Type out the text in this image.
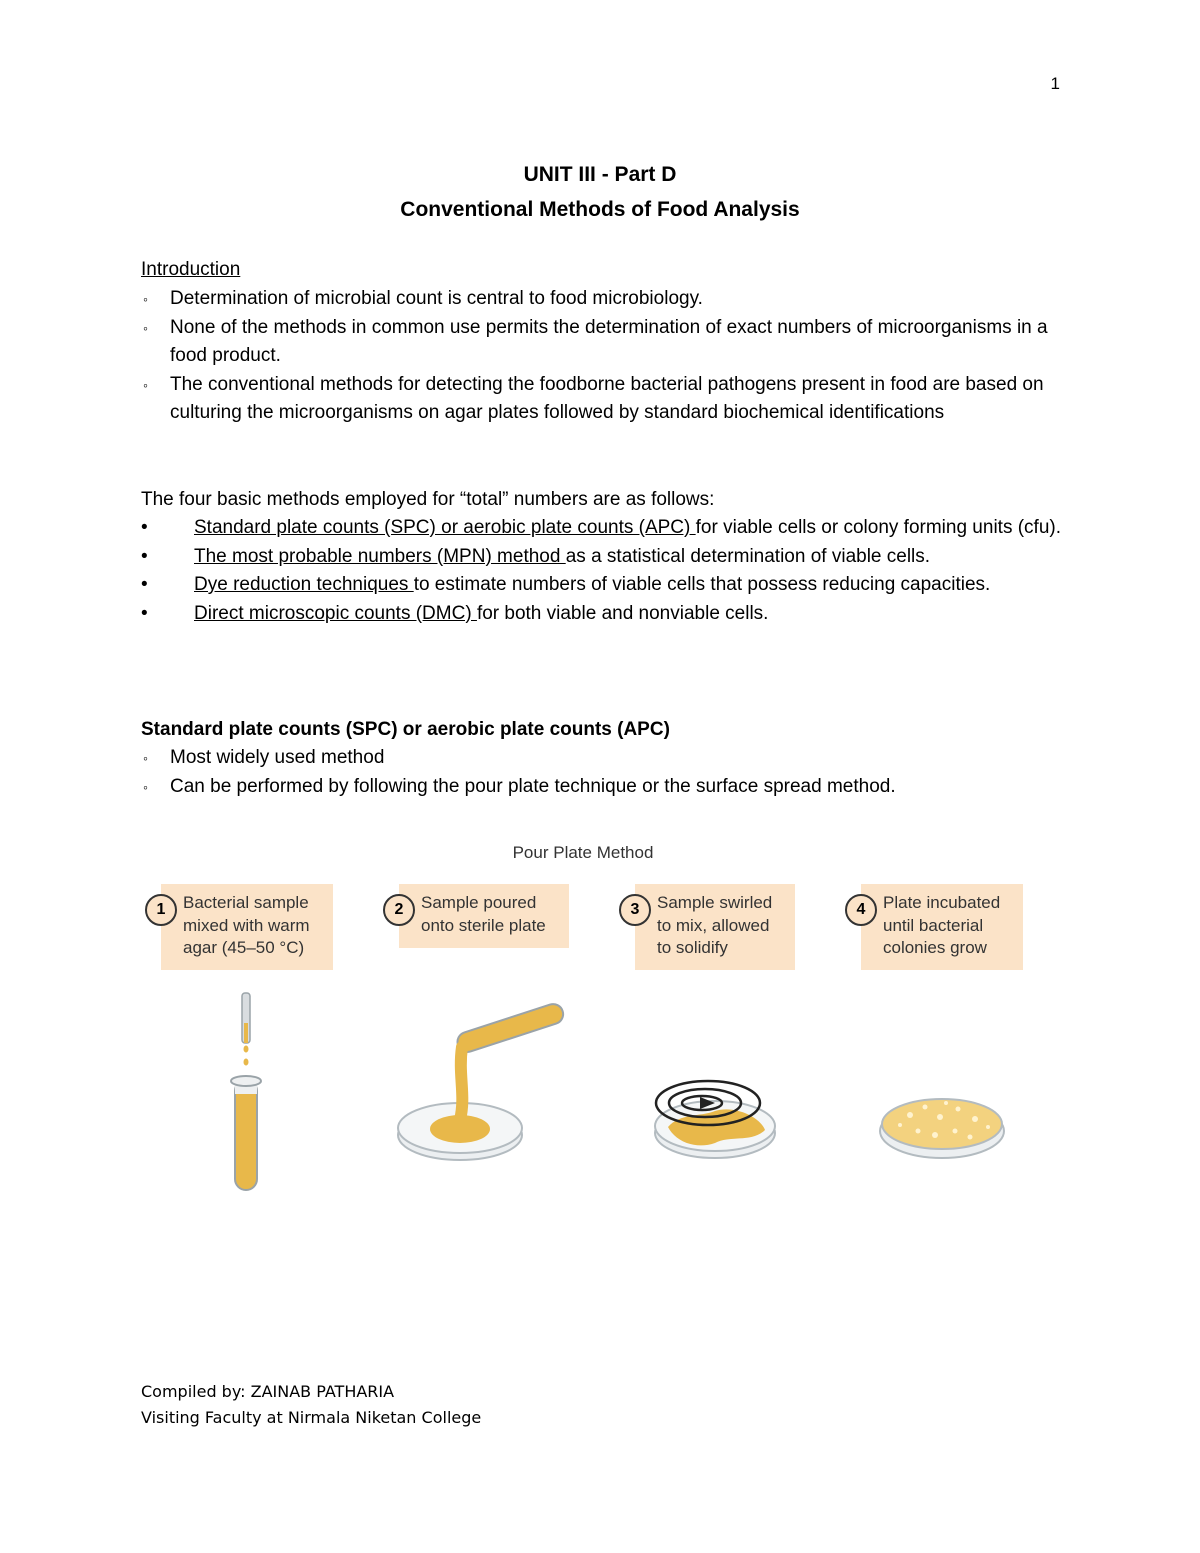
1
UNIT III - Part D
Conventional Methods of Food Analysis
Introduction
◦ Determination of microbial count is central to food microbiology.
◦ None of the methods in common use permits the determination of exact numbers of microorganisms in a food product.
◦ The conventional methods for detecting the foodborne bacterial pathogens present in food are based on culturing the microorganisms on agar plates followed by standard biochemical identifications
The four basic methods employed for “total” numbers are as follows:
• Standard plate counts (SPC) or aerobic plate counts (APC) for viable cells or colony forming units (cfu).
• The most probable numbers (MPN) method as a statistical determination of viable cells.
• Dye reduction techniques to estimate numbers of viable cells that possess reducing capacities.
• Direct microscopic counts (DMC) for both viable and nonviable cells.
Standard plate counts (SPC) or aerobic plate counts (APC)
◦ Most widely used method
◦ Can be performed by following the pour plate technique or the surface spread method.
Pour Plate Method
1	Bacterial sample
mixed with warm
agar (45–50 °C)
2	Sample poured
onto sterile plate
3	Sample swirled
to mix, allowed
to solidify
4	Plate incubated
until bacterial
colonies grow
Compiled by: ZAINAB PATHARIA
Visiting Faculty at Nirmala Niketan College
